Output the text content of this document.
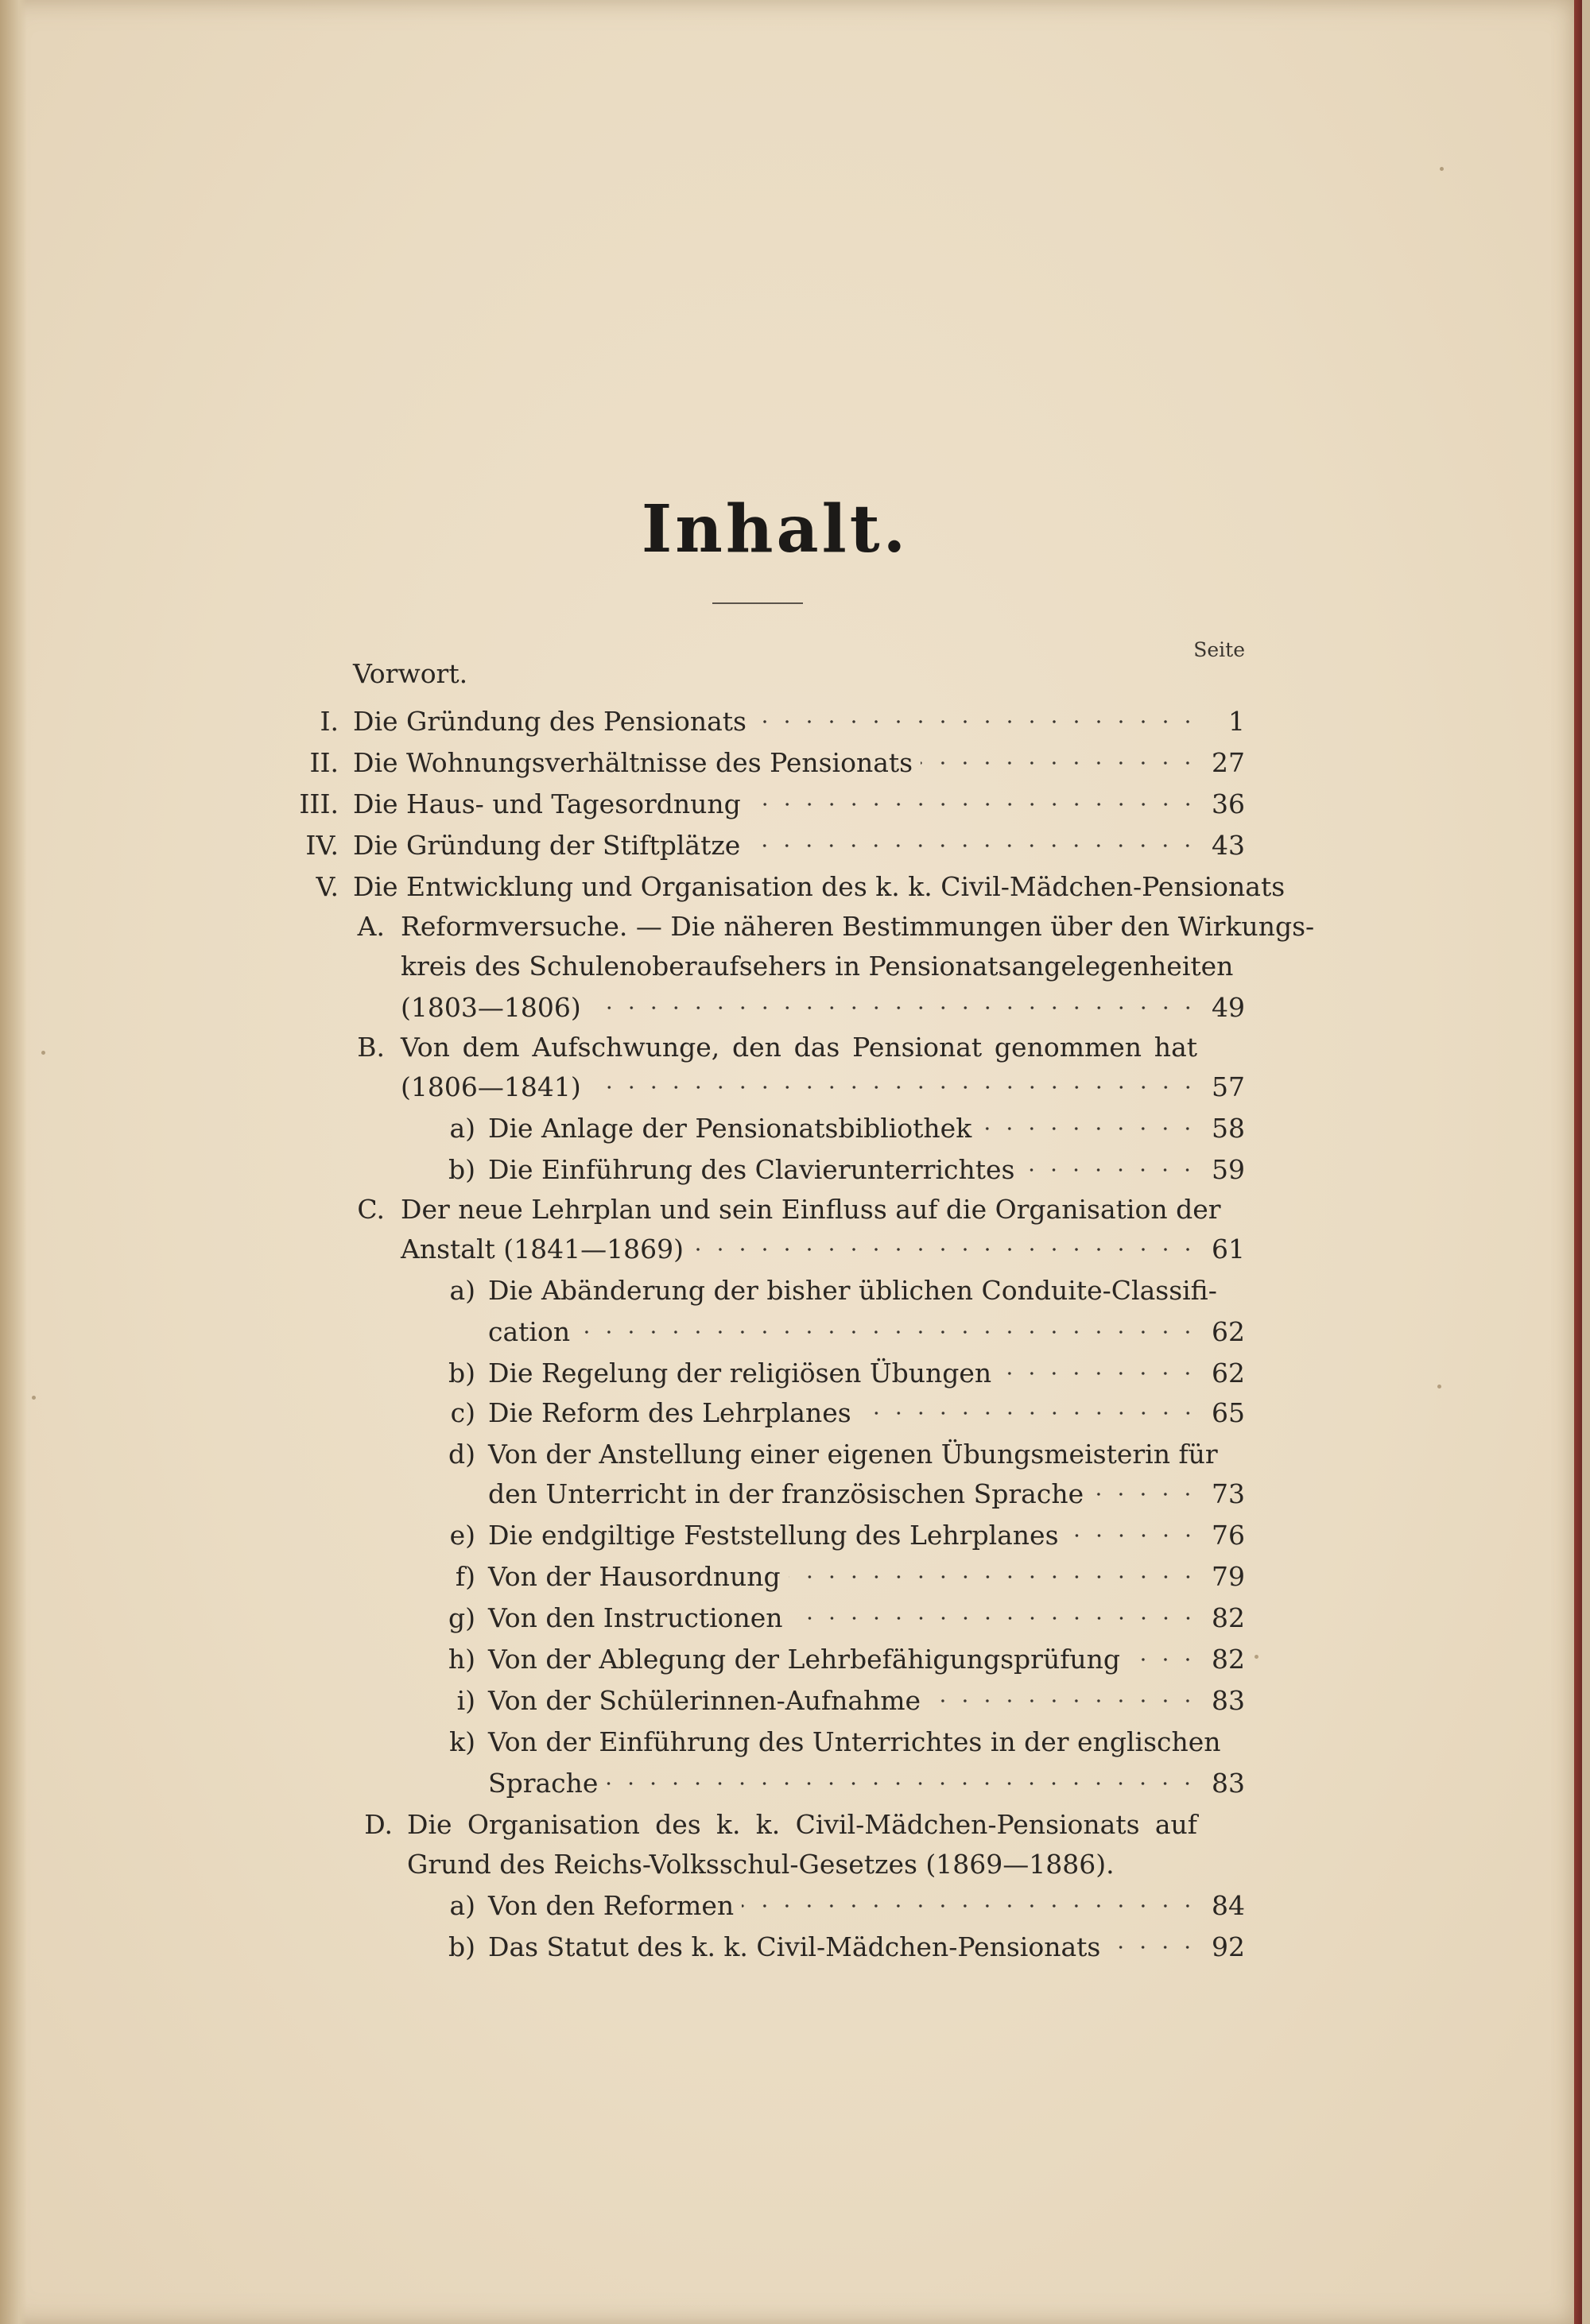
Inhalt.
Seite
Vorwort.
I. Die Gründung des Pensionats	1
II. Die Wohnungsverhältnisse des Pensionats	27
III. Die Haus- und Tagesordnung	36
IV. Die Gründung der Stiftplätze	43
V. Die Entwicklung und Organisation des k. k. Civil-Mädchen-Pensionats
A. Reformversuche. — Die näheren Bestimmungen über den Wirkungs-
kreis des Schulenoberaufsehers in Pensionatsangelegenheiten
(1803—1806)	49
B. Von dem Aufschwunge, den das Pensionat genommen hat
(1806—1841)	57
a) Die Anlage der Pensionatsbibliothek	58
b) Die Einführung des Clavierunterrichtes	59
C. Der neue Lehrplan und sein Einfluss auf die Organisation der
Anstalt (1841—1869)	61
a) Die Abänderung der bisher üblichen Conduite-Classifi-
cation	62
b) Die Regelung der religiösen Übungen	62
c) Die Reform des Lehrplanes	65
d) Von der Anstellung einer eigenen Übungsmeisterin für
den Unterricht in der französischen Sprache	73
e) Die endgiltige Feststellung des Lehrplanes	76
f) Von der Hausordnung	79
g) Von den Instructionen	82
h) Von der Ablegung der Lehrbefähigungsprüfung	82
i) Von der Schülerinnen-Aufnahme	83
k) Von der Einführung des Unterrichtes in der englischen
Sprache	83
D. Die Organisation des k. k. Civil-Mädchen-Pensionats auf
Grund des Reichs-Volksschul-Gesetzes (1869—1886).
a) Von den Reformen	84
b) Das Statut des k. k. Civil-Mädchen-Pensionats	92
